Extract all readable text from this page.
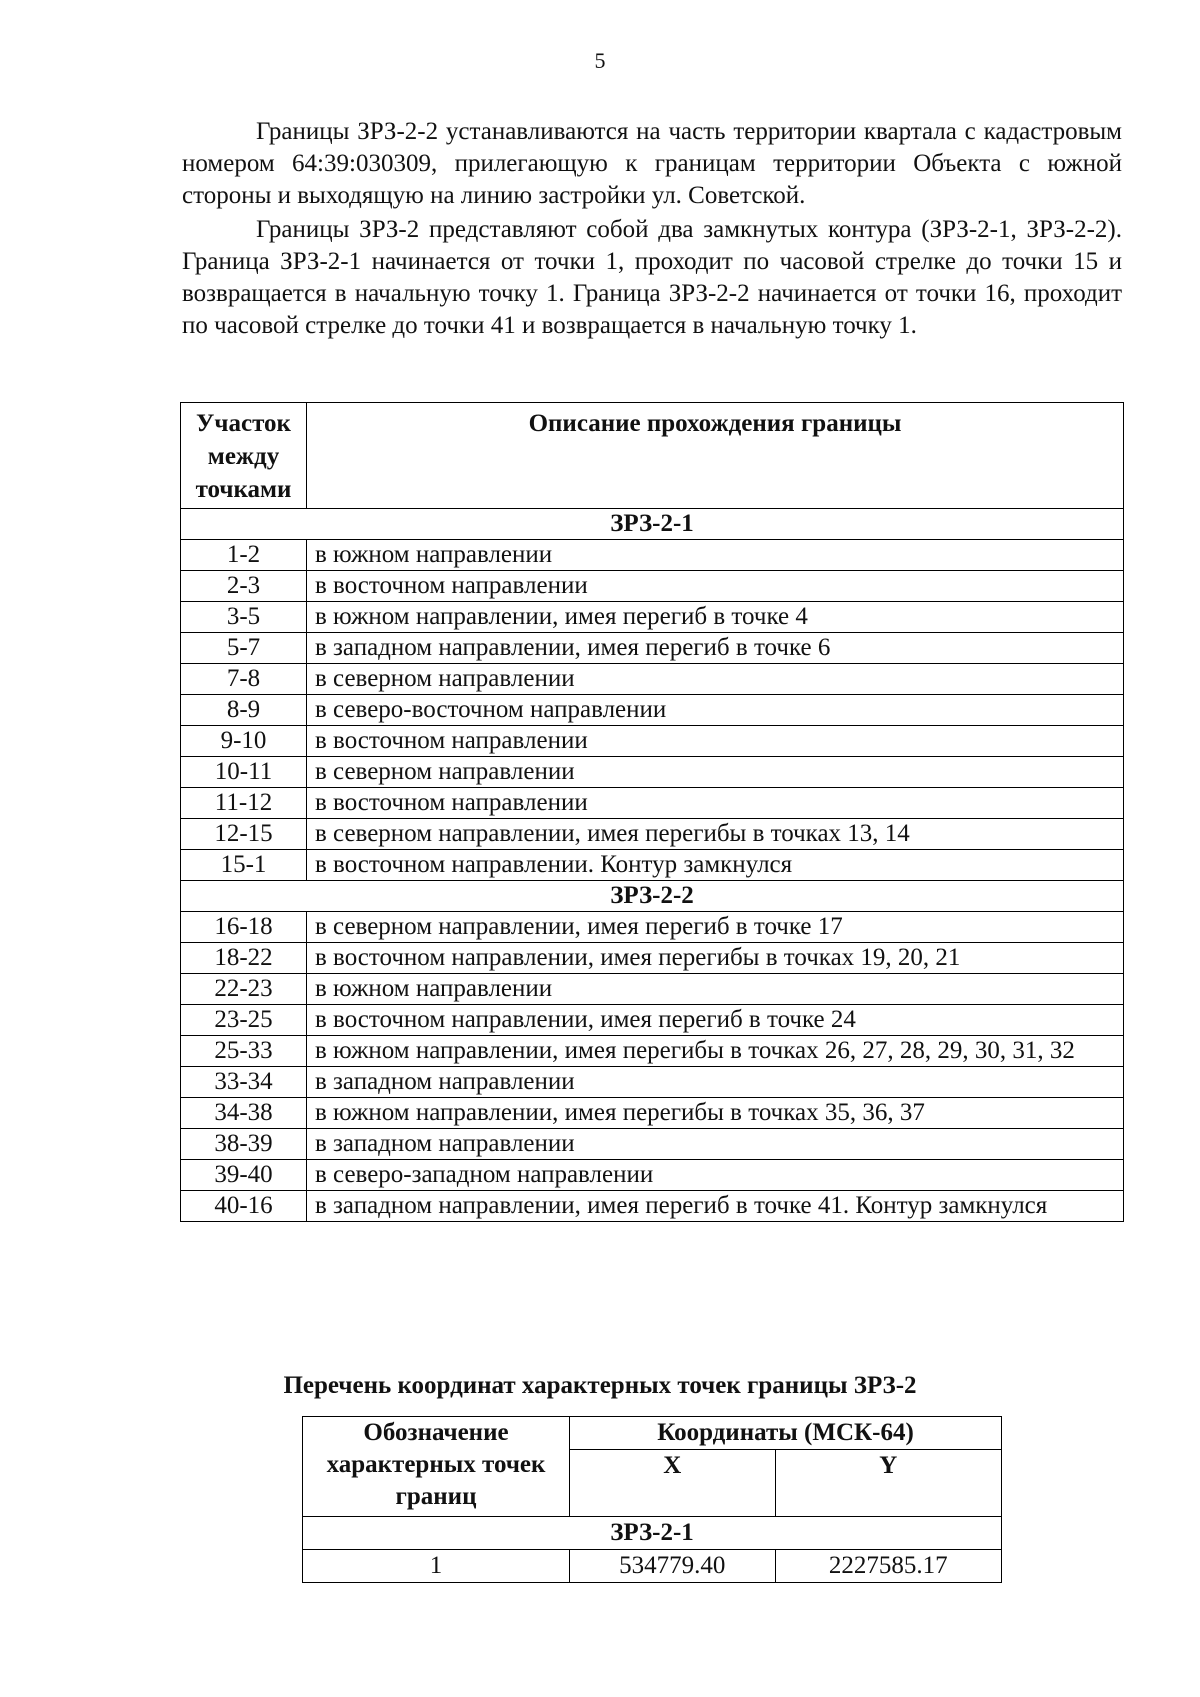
5

Границы ЗРЗ-2-2 устанавливаются на часть территории квартала с кадастровым номером 64:39:030309, прилегающую к границам территории Объекта с южной стороны и выходящую на линию застройки ул. Советской.

Границы ЗРЗ-2 представляют собой два замкнутых контура (ЗРЗ-2-1, ЗРЗ-2-2). Граница ЗРЗ-2-1 начинается от точки 1, проходит по часовой стрелке до точки 15 и возвращается в начальную точку 1. Граница ЗРЗ-2-2 начинается от точки 16, проходит по часовой стрелке до точки 41 и возвращается в начальную точку 1.

Участок
между
точками	Описание прохождения границы
ЗРЗ-2-1	
1-2	в южном направлении
2-3	в восточном направлении
3-5	в южном направлении, имея перегиб в точке 4
5-7	в западном направлении, имея перегиб в точке 6
7-8	в северном направлении
8-9	в северо-восточном направлении
9-10	в восточном направлении
10-11	в северном направлении
11-12	в восточном направлении
12-15	в северном направлении, имея перегибы в точках 13, 14
15-1	в восточном направлении. Контур замкнулся
ЗРЗ-2-2	
16-18	в северном направлении, имея перегиб в точке 17
18-22	в восточном направлении, имея перегибы в точках 19, 20, 21
22-23	в южном направлении
23-25	в восточном направлении, имея перегиб в точке 24
25-33	в южном направлении, имея перегибы в точках 26, 27, 28, 29, 30, 31, 32
33-34	в западном направлении
34-38	в южном направлении, имея перегибы в точках 35, 36, 37
38-39	в западном направлении
39-40	в северо-западном направлении
40-16	в западном направлении, имея перегиб в точке 41. Контур замкнулся
Перечень координат характерных точек границы ЗРЗ-2
Обозначение
характерных точек
границ	Координаты (МСК-64)	
	X	Y
ЗРЗ-2-1		
1	534779.40	2227585.17
